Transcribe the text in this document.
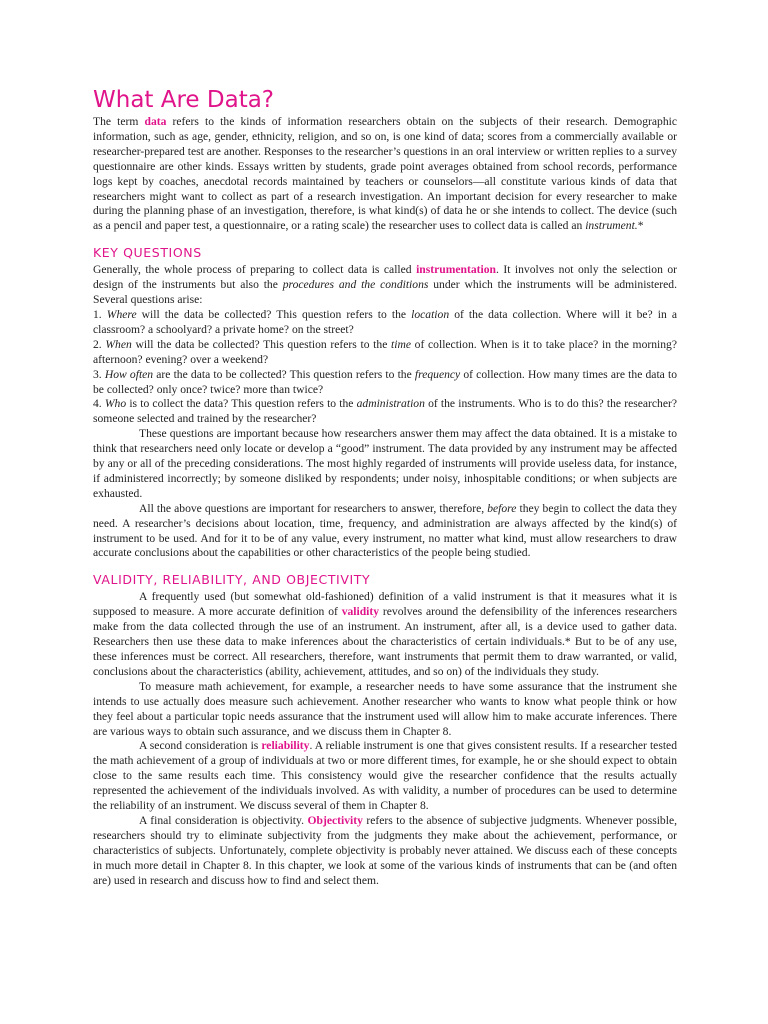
What Are Data?

The term data refers to the kinds of information researchers obtain on the subjects of their research. Demographic information, such as age, gender, ethnicity, religion, and so on, is one kind of data; scores from a commercially available or researcher-prepared test are another. Responses to the researcher’s questions in an oral interview or written replies to a survey questionnaire are other kinds. Essays written by students, grade point averages obtained from school records, performance logs kept by coaches, anecdotal records maintained by teachers or counselors—all constitute various kinds of data that researchers might want to collect as part of a research investigation. An important decision for every researcher to make during the planning phase of an investigation, therefore, is what kind(s) of data he or she intends to collect. The device (such as a pencil and paper test, a questionnaire, or a rating scale) the researcher uses to collect data is called an instrument.*

KEY QUESTIONS

Generally, the whole process of preparing to collect data is called instrumentation. It involves not only the selection or design of the instruments but also the procedures and the conditions under which the instruments will be administered. Several questions arise:

1. Where will the data be collected? This question refers to the location of the data collection. Where will it be? in a classroom? a schoolyard? a private home? on the street?

2. When will the data be collected? This question refers to the time of collection. When is it to take place? in the morning? afternoon? evening? over a weekend?

3. How often are the data to be collected? This question refers to the frequency of collection. How many times are the data to be collected? only once? twice? more than twice?

4. Who is to collect the data? This question refers to the administration of the instruments. Who is to do this? the researcher? someone selected and trained by the researcher?

These questions are important because how researchers answer them may affect the data obtained. It is a mistake to think that researchers need only locate or develop a “good” instrument. The data provided by any instrument may be affected by any or all of the preceding considerations. The most highly regarded of instruments will provide useless data, for instance, if administered incorrectly; by someone disliked by respondents; under noisy, inhospitable conditions; or when subjects are exhausted.

All the above questions are important for researchers to answer, therefore, before they begin to collect the data they need. A researcher’s decisions about location, time, frequency, and administration are always affected by the kind(s) of instrument to be used. And for it to be of any value, every instrument, no matter what kind, must allow researchers to draw accurate conclusions about the capabilities or other characteristics of the people being studied.

VALIDITY, RELIABILITY, AND OBJECTIVITY

A frequently used (but somewhat old-fashioned) definition of a valid instrument is that it measures what it is supposed to measure. A more accurate definition of validity revolves around the defensibility of the inferences researchers make from the data collected through the use of an instrument. An instrument, after all, is a device used to gather data. Researchers then use these data to make inferences about the characteristics of certain individuals.* But to be of any use, these inferences must be correct. All researchers, therefore, want instruments that permit them to draw warranted, or valid, conclusions about the characteristics (ability, achievement, attitudes, and so on) of the individuals they study.

To measure math achievement, for example, a researcher needs to have some assurance that the instrument she intends to use actually does measure such achievement. Another researcher who wants to know what people think or how they feel about a particular topic needs assurance that the instrument used will allow him to make accurate inferences. There are various ways to obtain such assurance, and we discuss them in Chapter 8.

A second consideration is reliability. A reliable instrument is one that gives consistent results. If a researcher tested the math achievement of a group of individuals at two or more different times, for example, he or she should expect to obtain close to the same results each time. This consistency would give the researcher confidence that the results actually represented the achievement of the individuals involved. As with validity, a number of procedures can be used to determine the reliability of an instrument. We discuss several of them in Chapter 8.

A final consideration is objectivity. Objectivity refers to the absence of subjective judgments. Whenever possible, researchers should try to eliminate subjectivity from the judgments they make about the achievement, performance, or characteristics of subjects. Unfortunately, complete objectivity is probably never attained. We discuss each of these concepts in much more detail in Chapter 8. In this chapter, we look at some of the various kinds of instruments that can be (and often are) used in research and discuss how to find and select them.
